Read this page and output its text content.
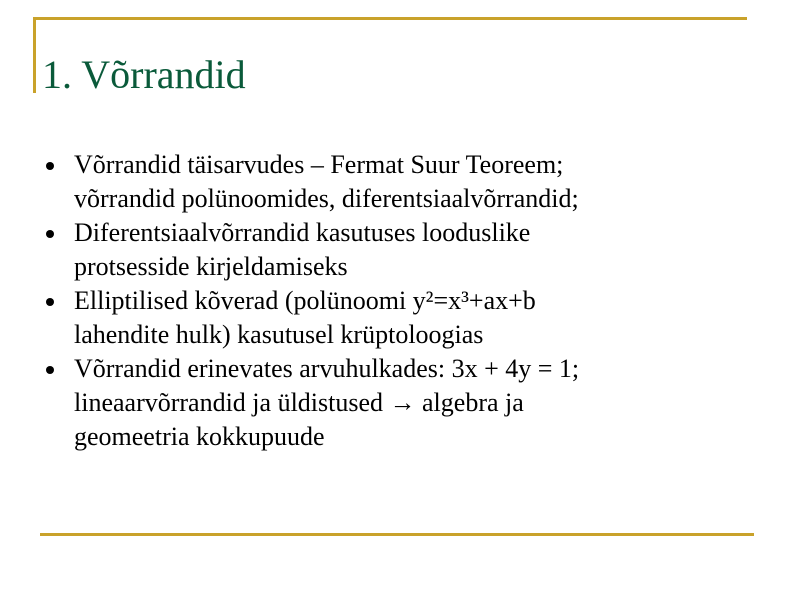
1. Võrrandid
Võrrandid täisarvudes – Fermat Suur Teoreem;
võrrandid polünoomides, diferentsiaalvõrrandid;
Diferentsiaalvõrrandid kasutuses looduslike
protsesside kirjeldamiseks
Elliptilised kõverad (polünoomi y²=x³+ax+b
lahendite hulk) kasutusel krüptoloogias
Võrrandid erinevates arvuhulkades: 3x + 4y = 1;
lineaarvõrrandid ja üldistused → algebra ja
geomeetria kokkupuude
